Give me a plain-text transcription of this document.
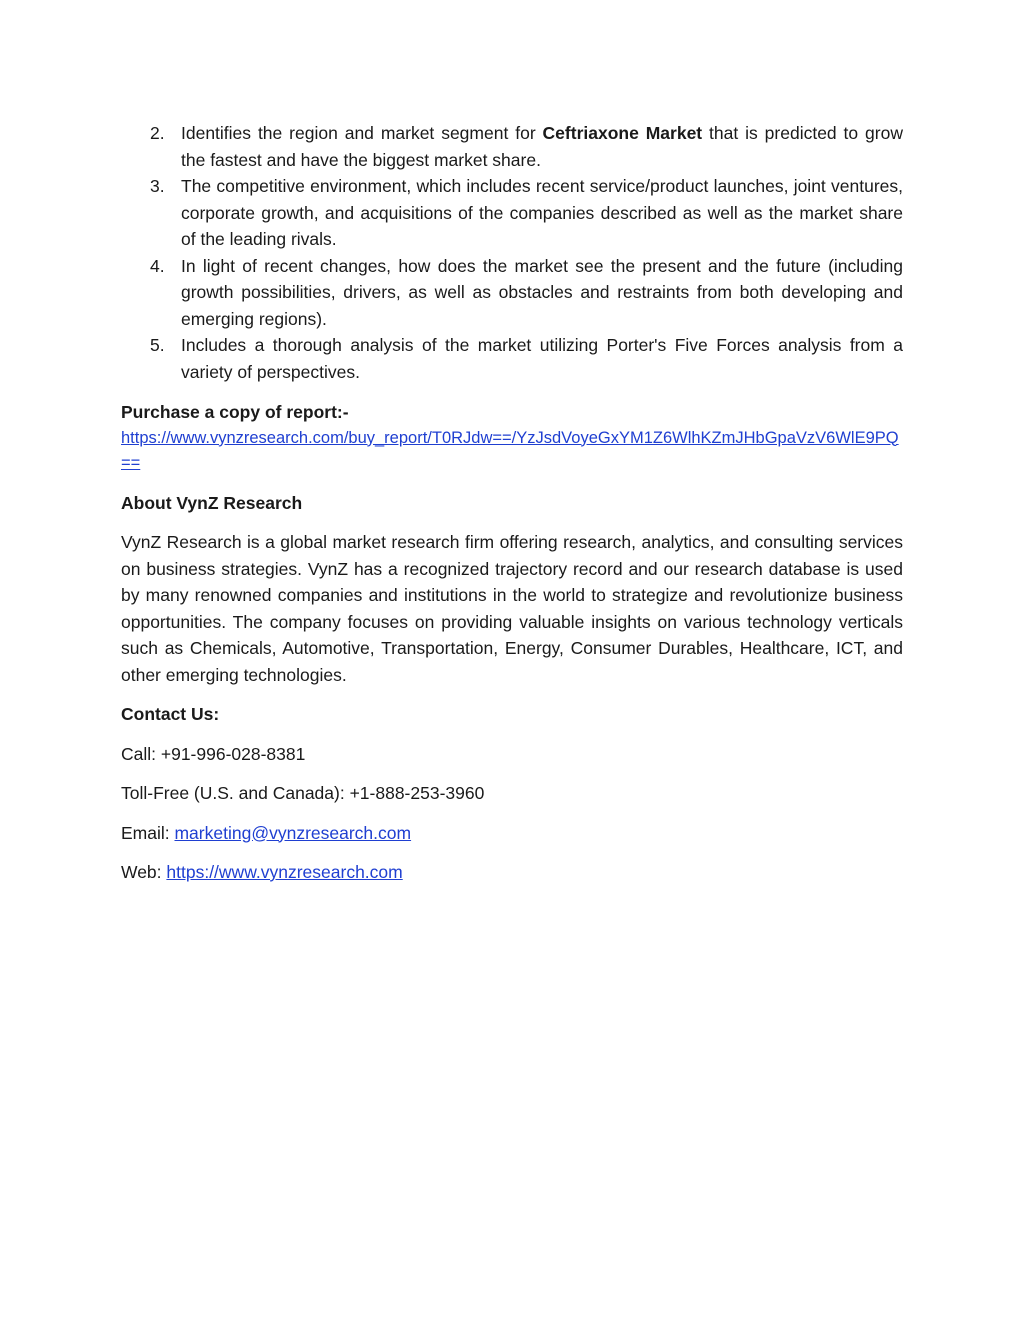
2. Identifies the region and market segment for Ceftriaxone Market that is predicted to grow the fastest and have the biggest market share.
3. The competitive environment, which includes recent service/product launches, joint ventures, corporate growth, and acquisitions of the companies described as well as the market share of the leading rivals.
4. In light of recent changes, how does the market see the present and the future (including growth possibilities, drivers, as well as obstacles and restraints from both developing and emerging regions).
5. Includes a thorough analysis of the market utilizing Porter's Five Forces analysis from a variety of perspectives.

Purchase a copy of report:-

https://www.vynzresearch.com/buy_report/T0RJdw==/YzJsdVoyeGxYM1Z6WlhKZmJHbGpaVzV6WlE9PQ==

About VynZ Research

VynZ Research is a global market research firm offering research, analytics, and consulting services on business strategies. VynZ has a recognized trajectory record and our research database is used by many renowned companies and institutions in the world to strategize and revolutionize business opportunities. The company focuses on providing valuable insights on various technology verticals such as Chemicals, Automotive, Transportation, Energy, Consumer Durables, Healthcare, ICT, and other emerging technologies.

Contact Us:

Call: +91-996-028-8381

Toll-Free (U.S. and Canada): +1-888-253-3960

Email: marketing@vynzresearch.com

Web: https://www.vynzresearch.com
